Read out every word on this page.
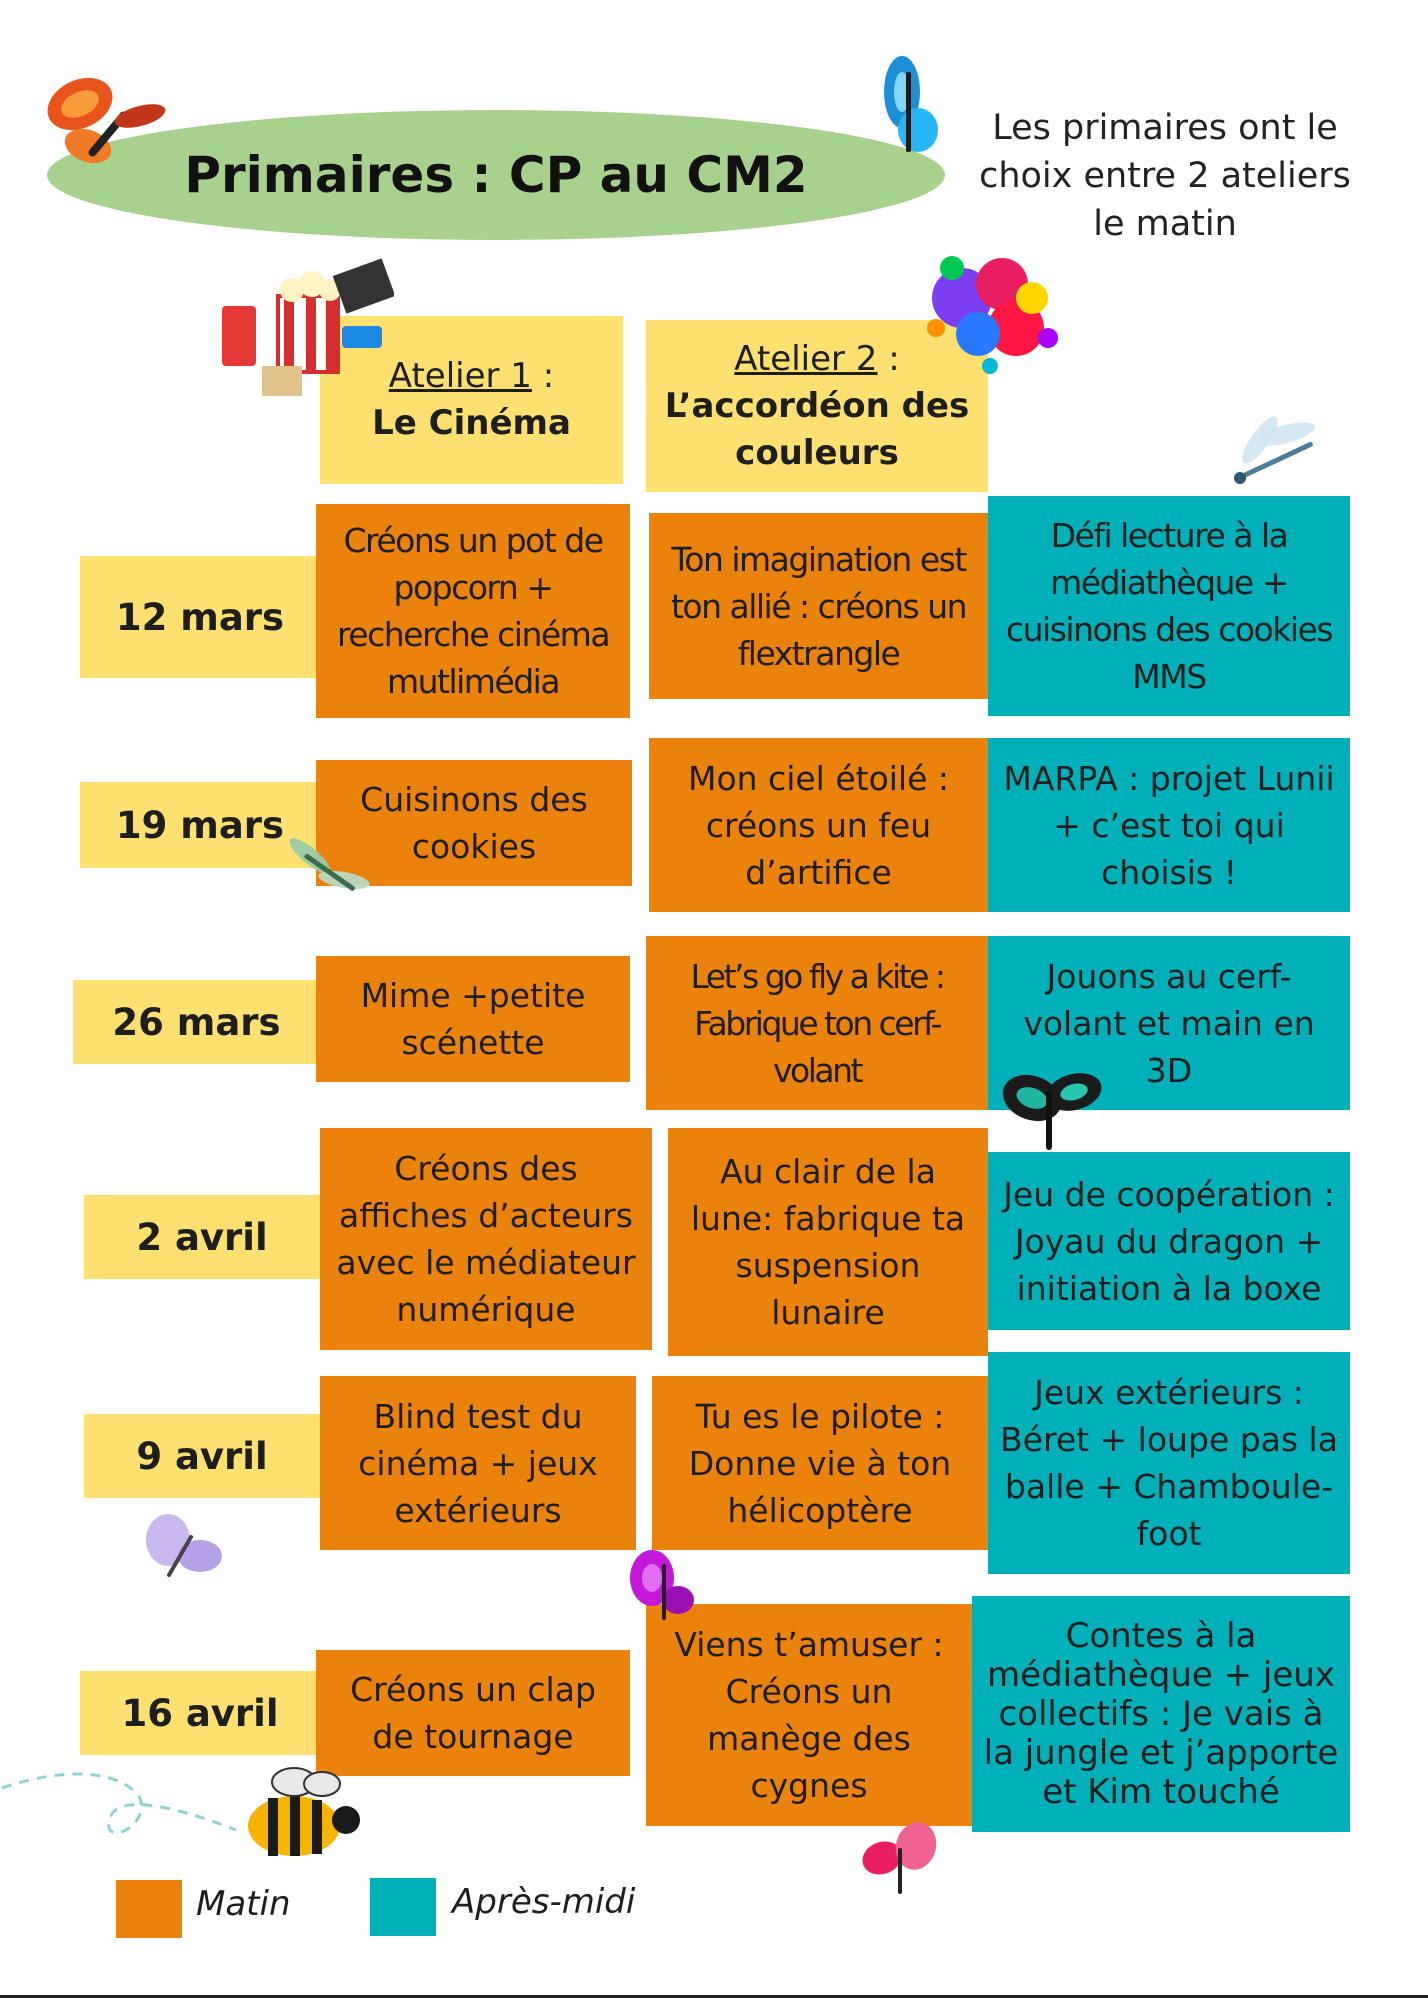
Primaires : CP au CM2
Les primaires ont le choix entre 2 ateliers le matin
Atelier 1 :
Le Cinéma
Atelier 2 :
L’accordéon des
couleurs
12 mars
Créons un pot de popcorn + recherche cinéma mutlimédia
Ton imagination est ton allié : créons un flextrangle
Défi lecture à la médiathèque + cuisinons des cookies MMS
19 mars
Cuisinons des cookies
Mon ciel étoilé : créons un feu d’artifice
MARPA : projet Lunii + c’est toi qui choisis !
26 mars
Mime +petite scénette
Let’s go fly a kite : Fabrique ton cerf-volant
Jouons au cerf-volant et main en 3D
2 avril
Créons des affiches d’acteurs avec le médiateur numérique
Au clair de la lune: fabrique ta suspension lunaire
Jeu de coopération : Joyau du dragon + initiation à la boxe
9 avril
Blind test du cinéma + jeux extérieurs
Tu es le pilote : Donne vie à ton hélicoptère
Jeux extérieurs : Béret + loupe pas la balle + Chamboule-foot
16 avril
Créons un clap de tournage
Viens t’amuser : Créons un manège des cygnes
Contes à la médiathèque + jeux collectifs : Je vais à la jungle et j’apporte et Kim touché
Matin	Après-midi
